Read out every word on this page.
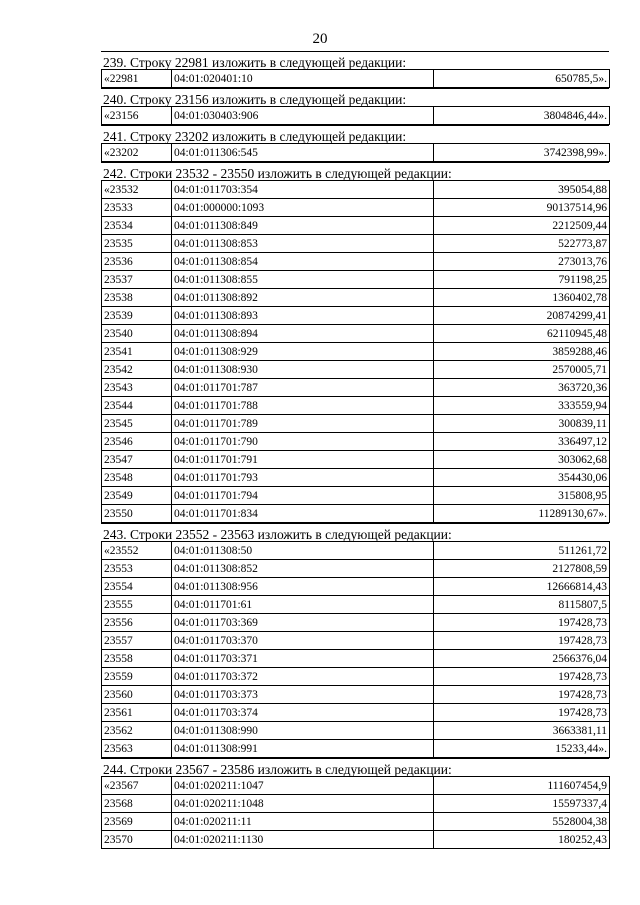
20
239. Строку 22981 изложить в следующей редакции:
«22981	04:01:020401:10	650785,5».
240. Строку 23156 изложить в следующей редакции:
«23156	04:01:030403:906	3804846,44».
241. Строку 23202 изложить в следующей редакции:
«23202	04:01:011306:545	3742398,99».
242. Строки 23532 - 23550 изложить в следующей редакции:
«23532	04:01:011703:354	395054,88
23533	04:01:000000:1093	90137514,96
23534	04:01:011308:849	2212509,44
23535	04:01:011308:853	522773,87
23536	04:01:011308:854	273013,76
23537	04:01:011308:855	791198,25
23538	04:01:011308:892	1360402,78
23539	04:01:011308:893	20874299,41
23540	04:01:011308:894	62110945,48
23541	04:01:011308:929	3859288,46
23542	04:01:011308:930	2570005,71
23543	04:01:011701:787	363720,36
23544	04:01:011701:788	333559,94
23545	04:01:011701:789	300839,11
23546	04:01:011701:790	336497,12
23547	04:01:011701:791	303062,68
23548	04:01:011701:793	354430,06
23549	04:01:011701:794	315808,95
23550	04:01:011701:834	11289130,67».
243. Строки 23552 - 23563 изложить в следующей редакции:
«23552	04:01:011308:50	511261,72
23553	04:01:011308:852	2127808,59
23554	04:01:011308:956	12666814,43
23555	04:01:011701:61	8115807,5
23556	04:01:011703:369	197428,73
23557	04:01:011703:370	197428,73
23558	04:01:011703:371	2566376,04
23559	04:01:011703:372	197428,73
23560	04:01:011703:373	197428,73
23561	04:01:011703:374	197428,73
23562	04:01:011308:990	3663381,11
23563	04:01:011308:991	15233,44».
244. Строки 23567 - 23586 изложить в следующей редакции:
«23567	04:01:020211:1047	111607454,9
23568	04:01:020211:1048	15597337,4
23569	04:01:020211:11	5528004,38
23570	04:01:020211:1130	180252,43
